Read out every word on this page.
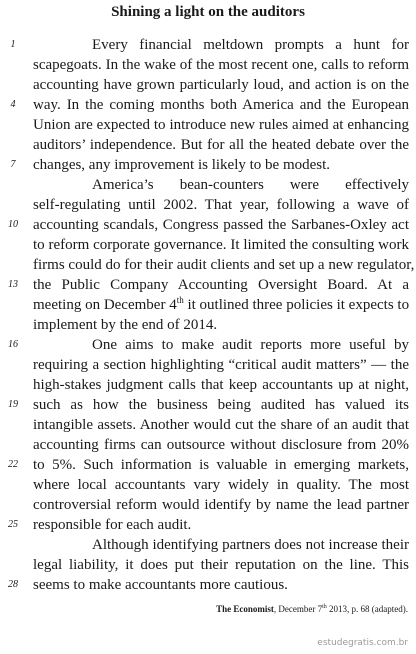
Shining a light on the auditors
1
4
7
10
13
16
19
22
25
28
Every financial meltdown prompts a hunt for
scapegoats. In the wake of the most recent one, calls to reform
accounting have grown particularly loud, and action is on the
way. In the coming months both America and the European
Union are expected to introduce new rules aimed at enhancing
auditors’ independence. But for all the heated debate over the
changes, any improvement is likely to be modest.
America’s bean-counters were effectively
self-regulating until 2002. That year, following a wave of
accounting scandals, Congress passed the Sarbanes-Oxley act
to reform corporate governance. It limited the consulting work
firms could do for their audit clients and set up a new regulator,
the Public Company Accounting Oversight Board. At a
meeting on December 4th it outlined three policies it expects to
implement by the end of 2014.
One aims to make audit reports more useful by
requiring a section highlighting “critical audit matters” — the
high-stakes judgment calls that keep accountants up at night,
such as how the business being audited has valued its
intangible assets. Another would cut the share of an audit that
accounting firms can outsource without disclosure from 20%
to 5%. Such information is valuable in emerging markets,
where local accountants vary widely in quality. The most
controversial reform would identify by name the lead partner
responsible for each audit.
Although identifying partners does not increase their
legal liability, it does put their reputation on the line. This
seems to make accountants more cautious.
The Economist, December 7th 2013, p. 68 (adapted).
estudegratis.com.br
